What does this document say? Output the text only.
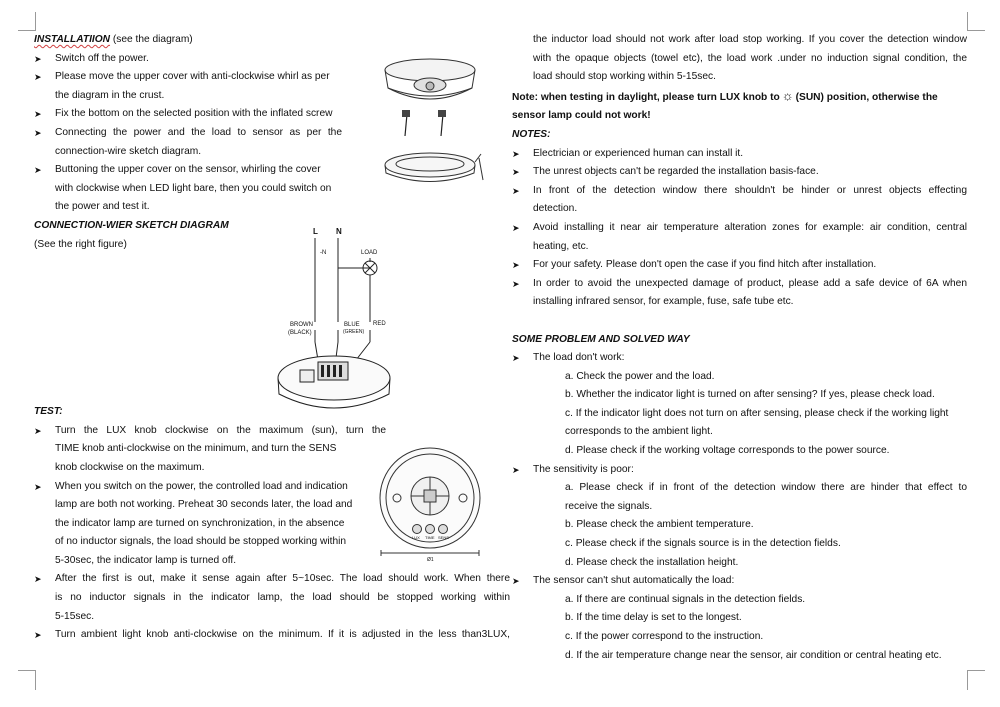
INSTALLATIION (see the diagram)

➤ Switch off the power.

➤ Please move the upper cover with anti-clockwise whirl as per

the diagram in the crust.

➤ Fix the bottom on the selected position with the inflated screw

➤ Connecting the power and the load to sensor as per the

connection-wire sketch diagram.

➤ Buttoning the upper cover on the sensor, whirling the cover

with clockwise when LED light bare, then you could switch on

the power and test it.

CONNECTION-WIER SKETCH DIAGRAM

(See the right figure)

TEST:

➤ Turn the LUX knob clockwise on the maximum (sun), turn the

TIME knob anti-clockwise on the minimum, and turn the SENS

knob clockwise on the maximum.

➤ When you switch on the power, the controlled load and indication

lamp are both not working. Preheat 30 seconds later, the load and

the indicator lamp are turned on synchronization, in the absence

of no inductor signals, the load should be stopped working within

5-30sec, the indicator lamp is turned off.

➤ After the first is out, make it sense again after 5~10sec. The load should work. When there

is no inductor signals in the indicator lamp, the load should be stopped working within

5-15sec.

➤ Turn ambient light knob anti-clockwise on the minimum. If it is adjusted in the less than3LUX,

L N
-N	LOAD
BROWN
(BLACK)
BLUE
(GREEN)
RED
LUX TIME SENS
Ø1

the inductor load should not work after load stop working. If you cover the detection window

with the opaque objects (towel etc), the load work .under no induction signal condition, the

load should stop working within 5-15sec.

Note: when testing in daylight, please turn LUX knob to ☼ (SUN) position, otherwise the

sensor lamp could not work!

NOTES:

➤ Electrician or experienced human can install it.

➤ The unrest objects can't be regarded the installation basis-face.

➤ In front of the detection window there shouldn't be hinder or unrest objects effecting

detection.

➤ Avoid installing it near air temperature alteration zones for example: air condition, central

heating, etc.

➤ For your safety. Please don't open the case if you find hitch after installation.

➤ In order to avoid the unexpected damage of product, please add a safe device of 6A when

installing infrared sensor, for example, fuse, safe tube etc.

SOME PROBLEM AND SOLVED WAY

➤ The load don't work:

a. Check the power and the load.

b. Whether the indicator light is turned on after sensing? If yes, please check load.

c. If the indicator light does not turn on after sensing, please check if the working light

corresponds to the ambient light.

d. Please check if the working voltage corresponds to the power source.

➤ The sensitivity is poor:

a. Please check if in front of the detection window there are hinder that effect to

receive the signals.

b. Please check the ambient temperature.

c. Please check if the signals source is in the detection fields.

d. Please check the installation height.

➤ The sensor can't shut automatically the load:

a. If there are continual signals in the detection fields.

b. If the time delay is set to the longest.

c. If the power correspond to the instruction.

d. If the air temperature change near the sensor, air condition or central heating etc.
